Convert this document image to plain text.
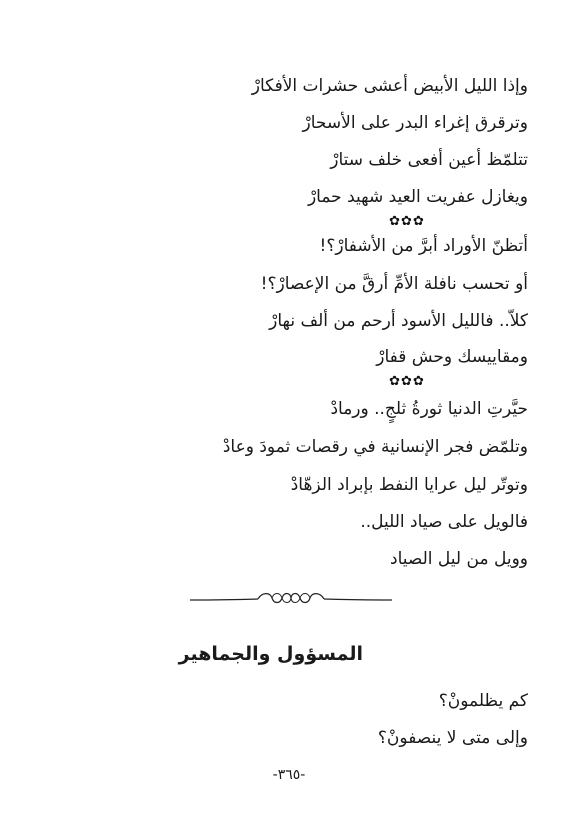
وإذا الليل الأبيض أعشى حشرات الأفكارْ
وترقرق إغراء البدر على الأسحارْ
تتلمّظ أعين أفعى خلف ستارْ
ويغازل عفريت العيد شهيد حمارْ
✿✿✿
أتظنّ الأوراد أبرَّ من الأشفارْ؟!
أو تحسب نافلة الأمِّ أرقَّ من الإعصارْ؟!
كلاّ.. فالليل الأسود أرحم من ألف نهارْ
ومقاييسك وحش قفارْ
✿✿✿
حيَّرتِ الدنيا ثورةُ ثلجٍ.. ورمادْ
وتلمّض فجر الإنسانية في رقصات ثمودَ وعادْ
وتوتّر ليل عرايا النفط بإبراد الزهّادْ
فالويل على صياد الليل..
وويل من ليل الصياد
المسؤول والجماهير
كم يظلمونْ؟
وإلى متى لا ينصفونْ؟
-٣٦٥-
